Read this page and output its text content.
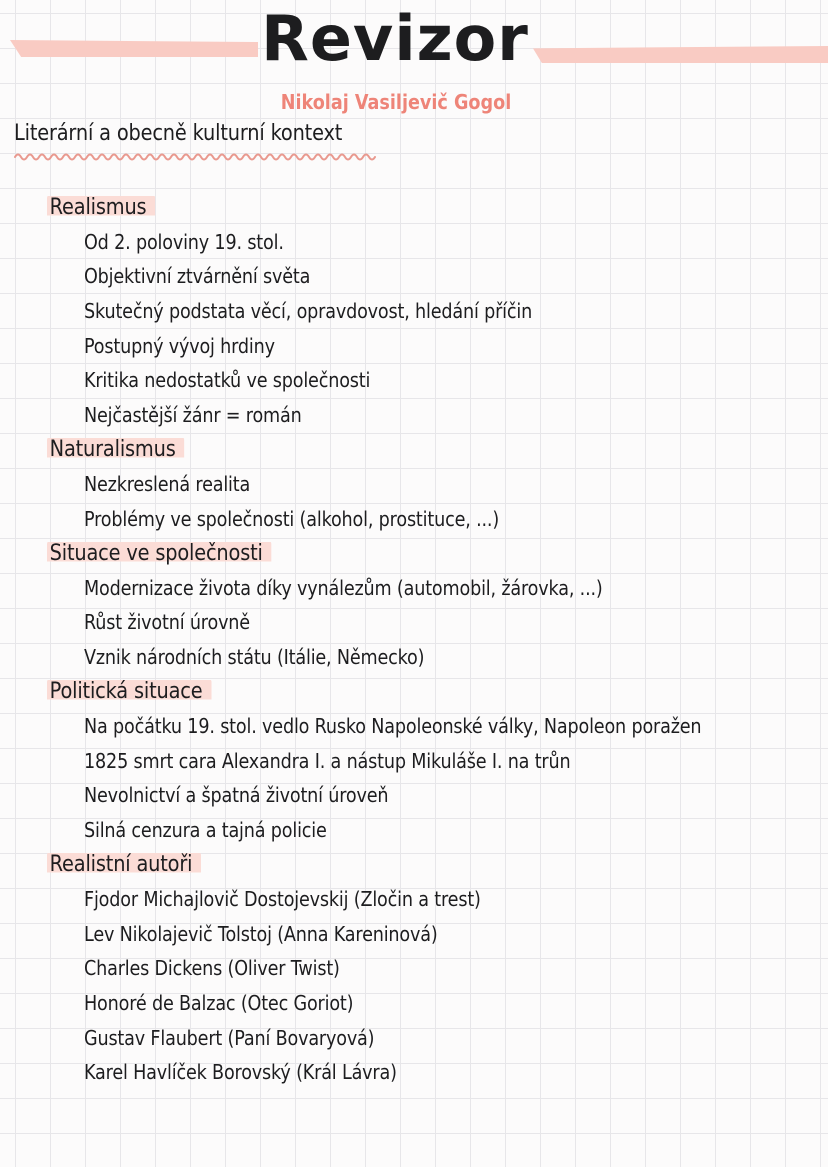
Revizor
Nikolaj Vasiljevič Gogol
Literární a obecně kulturní kontext
Realismus
Od 2. poloviny 19. stol.
Objektivní ztvárnění světa
Skutečný podstata věcí, opravdovost, hledání příčin
Postupný vývoj hrdiny
Kritika nedostatků ve společnosti
Nejčastější žánr = román
Naturalismus
Nezkreslená realita
Problémy ve společnosti (alkohol, prostituce, ...)
Situace ve společnosti
Modernizace života díky vynálezům (automobil, žárovka, ...)
Růst životní úrovně
Vznik národních státu (Itálie, Německo)
Politická situace
Na počátku 19. stol. vedlo Rusko Napoleonské války, Napoleon poražen
1825 smrt cara Alexandra I. a nástup Mikuláše I. na trůn
Nevolnictví a špatná životní úroveň
Silná cenzura a tajná policie
Realistní autoři
Fjodor Michajlovič Dostojevskij (Zločin a trest)
Lev Nikolajevič Tolstoj (Anna Kareninová)
Charles Dickens (Oliver Twist)
Honoré de Balzac (Otec Goriot)
Gustav Flaubert (Paní Bovaryová)
Karel Havlíček Borovský (Král Lávra)
